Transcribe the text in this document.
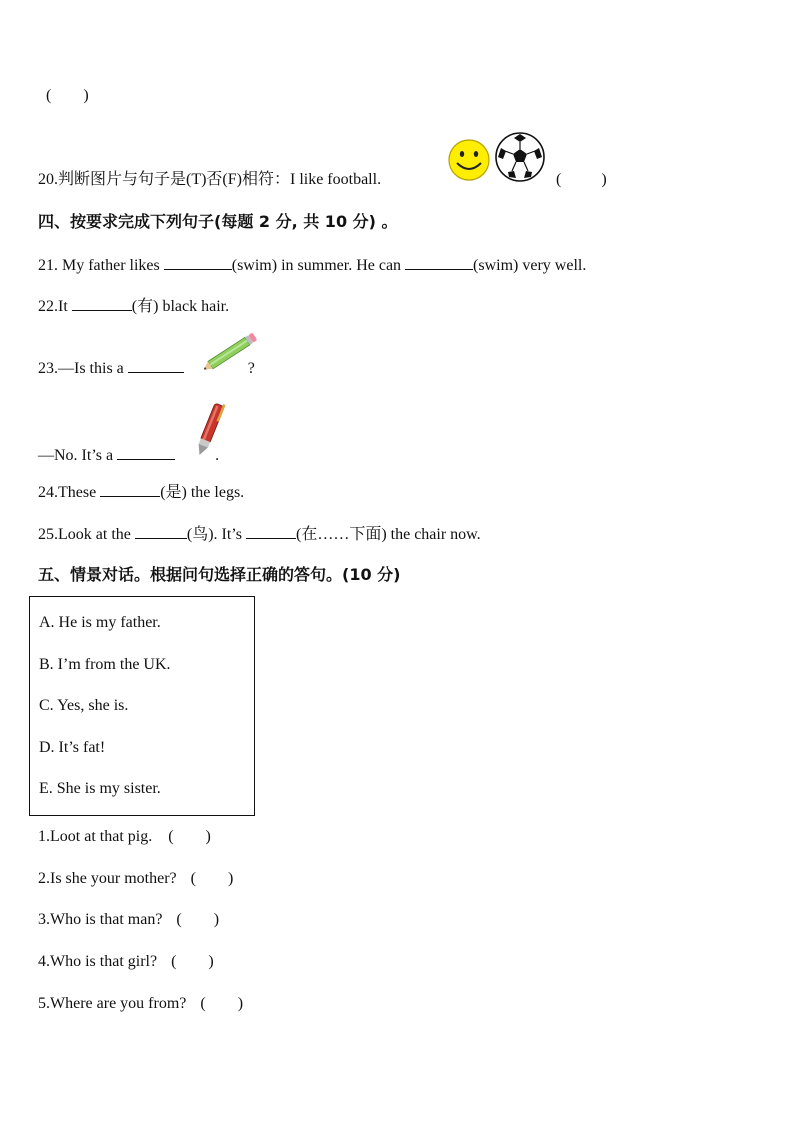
(        )
20.判断图片与句子是(T)否(F)相符：I like football.	(          )
四、按要求完成下列句子(每题 2 分, 共 10 分) 。
21. My father likes	(swim) in summer. He can	(swim) very well.
22.It	(有) black hair.
23.—Is this a	?
—No. It’s a	.
24.These	(是) the legs.
25.Look at the	(鸟). It’s	(在……下面) the chair now.
五、情景对话。根据问句选择正确的答句。(10 分)
A. He is my father.
B. I’m from the UK.
C. Yes, she is.
D. It’s fat!
E. She is my sister.
1.Loot at that pig. (        )
2.Is she your mother? (        )
3.Who is that man? (        )
4.Who is that girl? (        )
5.Where are you from? (        )
